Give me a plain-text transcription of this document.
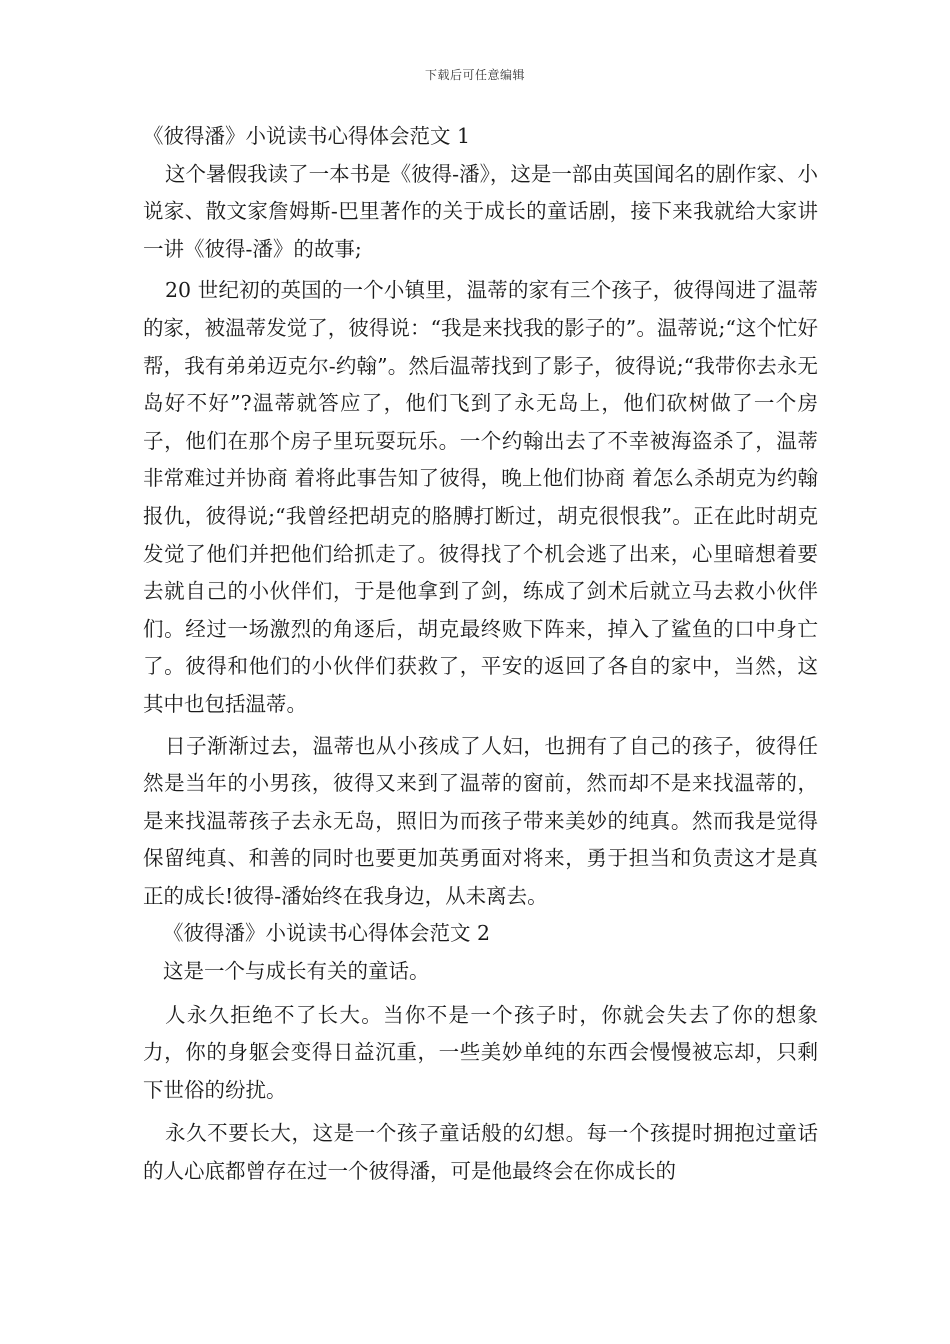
下载后可任意编辑

《彼得潘》小说读书心得体会范文 1

这个暑假我读了一本书是《彼得-潘》，这是一部由英国闻名的剧作家、小说家、散文家詹姆斯-巴里著作的关于成长的童话剧，接下来我就给大家讲一讲《彼得-潘》的故事;

20 世纪初的英国的一个小镇里，温蒂的家有三个孩子，彼得闯进了温蒂的家，被温蒂发觉了，彼得说：“我是来找我的影子的”。温蒂说;“这个忙好帮，我有弟弟迈克尔-约翰”。然后温蒂找到了影子，彼得说;“我带你去永无岛好不好”?温蒂就答应了，他们飞到了永无岛上，他们砍树做了一个房子，他们在那个房子里玩耍玩乐。一个约翰出去了不幸被海盗杀了，温蒂非常难过并协商 着将此事告知了彼得，晚上他们协商 着怎么杀胡克为约翰报仇，彼得说;“我曾经把胡克的胳膊打断过，胡克很恨我”。正在此时胡克发觉了他们并把他们给抓走了。彼得找了个机会逃了出来，心里暗想着要去就自己的小伙伴们，于是他拿到了剑，练成了剑术后就立马去救小伙伴们。经过一场激烈的角逐后，胡克最终败下阵来，掉入了鲨鱼的口中身亡了。彼得和他们的小伙伴们获救了，平安的返回了各自的家中，当然，这其中也包括温蒂。

日子渐渐过去，温蒂也从小孩成了人妇，也拥有了自己的孩子，彼得任然是当年的小男孩，彼得又来到了温蒂的窗前，然而却不是来找温蒂的，是来找温蒂孩子去永无岛，照旧为而孩子带来美妙的纯真。然而我是觉得保留纯真、和善的同时也要更加英勇面对将来，勇于担当和负责这才是真正的成长!彼得-潘始终在我身边，从未离去。

《彼得潘》小说读书心得体会范文 2

这是一个与成长有关的童话。

人永久拒绝不了长大。当你不是一个孩子时，你就会失去了你的想象力，你的身躯会变得日益沉重，一些美妙单纯的东西会慢慢被忘却，只剩下世俗的纷扰。

永久不要长大，这是一个孩子童话般的幻想。每一个孩提时拥抱过童话的人心底都曾存在过一个彼得潘，可是他最终会在你成长的
